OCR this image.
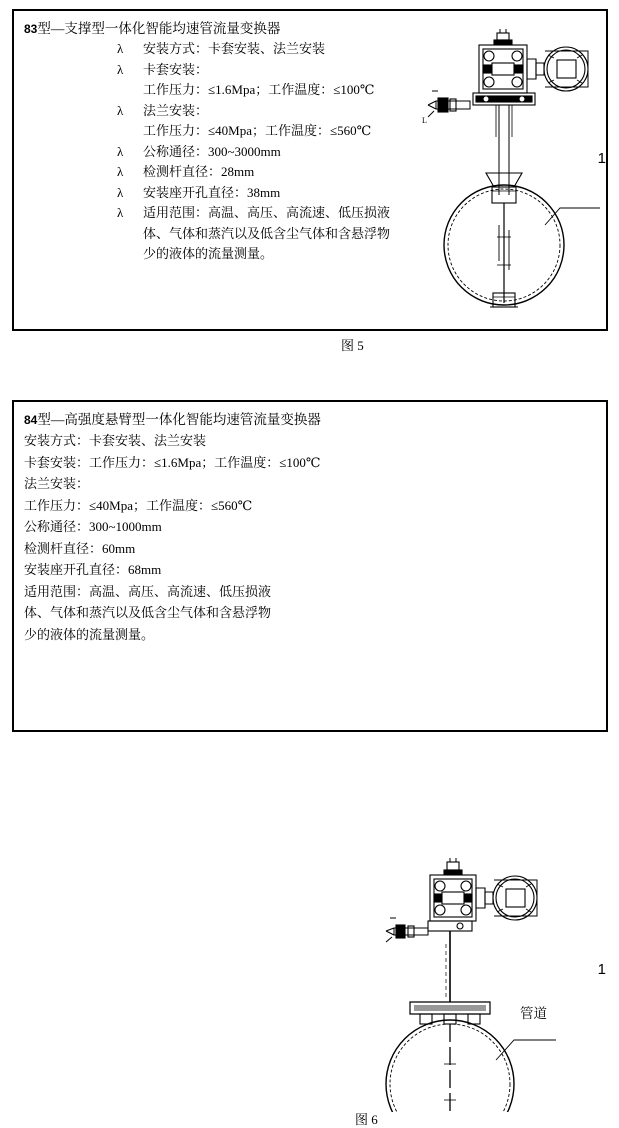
83型—支撑型一体化智能均速管流量变换器
λ	安装方式：卡套安装、法兰安装
λ	卡套安装：
工作压力：≤1.6Mpa；工作温度：≤100℃
λ	法兰安装：
工作压力：≤40Mpa；工作温度：≤560℃
λ	公称通径：300~3000mm
λ	检测杆直径：28mm
λ	安装座开孔直径：38mm
λ	适用范围：高温、高压、高流速、低压损液
体、气体和蒸汽以及低含尘气体和含悬浮物
少的液体的流量测量。
L
1
图 5
84型—高强度悬臂型一体化智能均速管流量变换器
安装方式：卡套安装、法兰安装
卡套安装：工作压力：≤1.6Mpa；工作温度：≤100℃
法兰安装：
工作压力：≤40Mpa；工作温度：≤560℃
公称通径：300~1000mm
检测杆直径：60mm
安装座开孔直径：68mm
适用范围：高温、高压、高流速、低压损液
体、气体和蒸汽以及低含尘气体和含悬浮物
少的液体的流量测量。
管道
图 6
1
